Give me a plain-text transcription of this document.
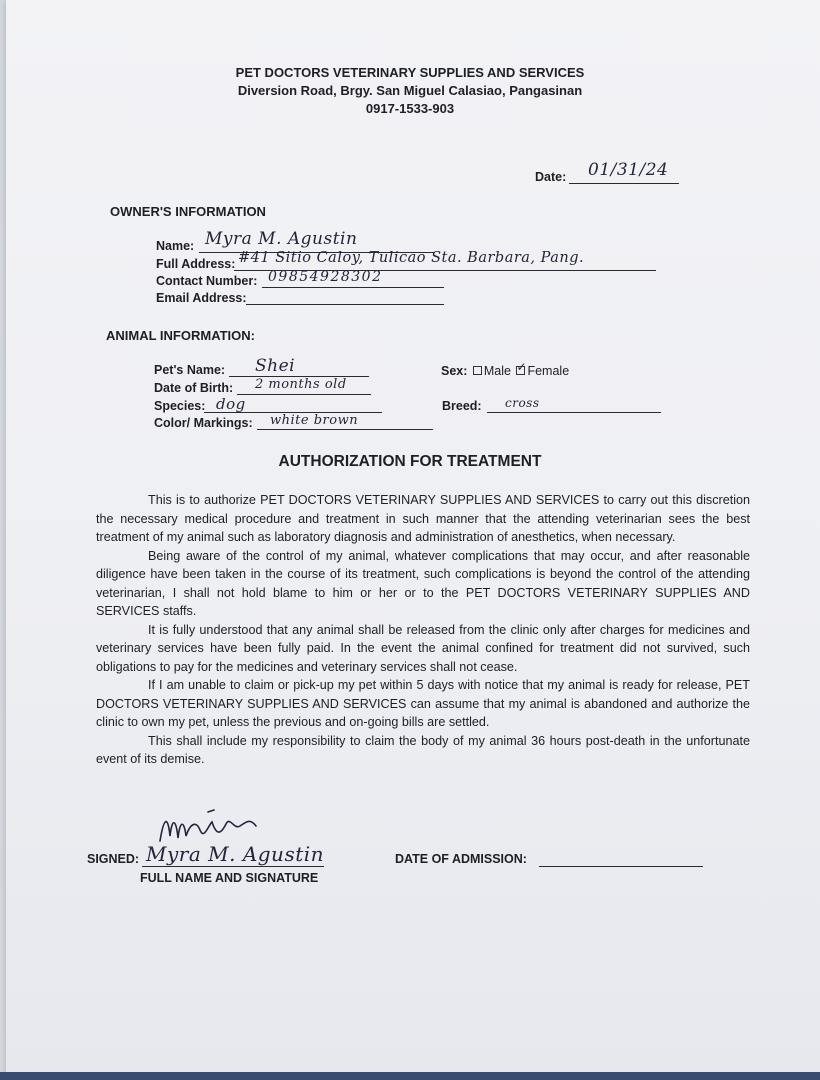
PET DOCTORS VETERINARY SUPPLIES AND SERVICES
Diversion Road, Brgy. San Miguel Calasiao, Pangasinan
0917-1533-903
Date: 01/31/24
OWNER'S INFORMATION
Name: Myra M. Agustin
Full Address: #41 Sitio Caloy, Tulicao Sta. Barbara, Pang.
Contact Number: 09854928302
Email Address:
ANIMAL INFORMATION:
Pet's Name: Shei
Date of Birth: 2 months old
Species: dog
Color/ Markings: white brown
Sex: Male ✓ Female
Breed: cross
AUTHORIZATION FOR TREATMENT

This is to authorize PET DOCTORS VETERINARY SUPPLIES AND SERVICES to carry out this discretion the necessary medical procedure and treatment in such manner that the attending veterinarian sees the best treatment of my animal such as laboratory diagnosis and administration of anesthetics, when necessary.

Being aware of the control of my animal, whatever complications that may occur, and after reasonable diligence have been taken in the course of its treatment, such complications is beyond the control of the attending veterinarian, I shall not hold blame to him or her or to the PET DOCTORS VETERINARY SUPPLIES AND SERVICES staffs.

It is fully understood that any animal shall be released from the clinic only after charges for medicines and veterinary services have been fully paid. In the event the animal confined for treatment did not survived, such obligations to pay for the medicines and veterinary services shall not cease.

If I am unable to claim or pick-up my pet within 5 days with notice that my animal is ready for release, PET DOCTORS VETERINARY SUPPLIES AND SERVICES can assume that my animal is abandoned and authorize the clinic to own my pet, unless the previous and on-going bills are settled.

This shall include my responsibility to claim the body of my animal 36 hours post-death in the unfortunate event of its demise.

SIGNED: Myra M. Agustin
FULL NAME AND SIGNATURE
DATE OF ADMISSION:
